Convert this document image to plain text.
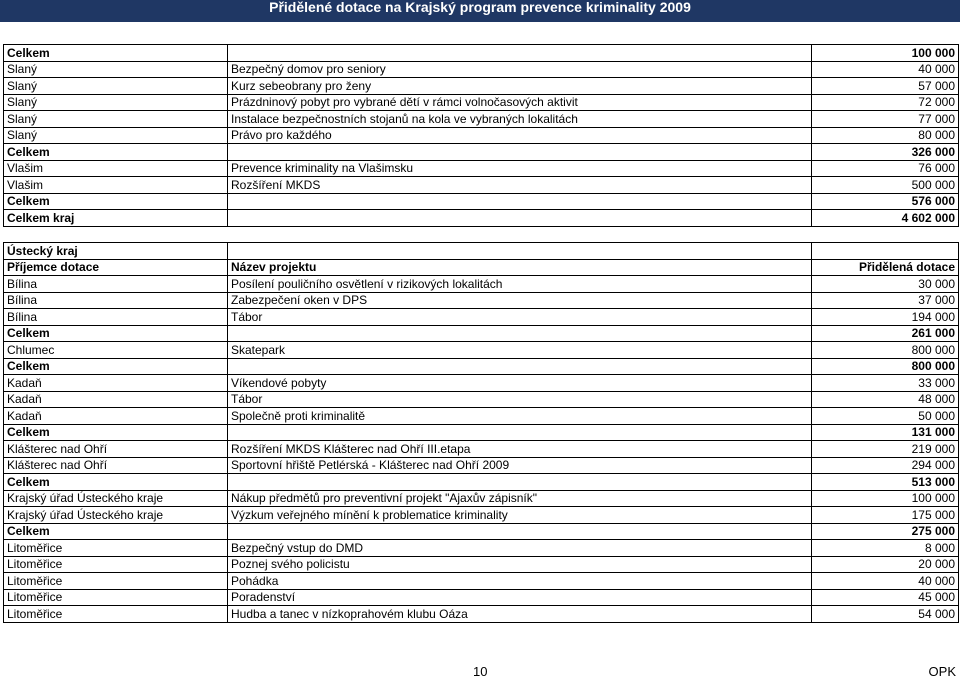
Přidělené dotace na Krajský program prevence kriminality 2009
Celkem		100 000
Slaný	Bezpečný domov pro seniory	40 000
Slaný	Kurz sebeobrany pro ženy	57 000
Slaný	Prázdninový pobyt pro vybrané dětí v rámci volnočasových aktivit	72 000
Slaný	Instalace bezpečnostních stojanů na kola ve vybraných lokalitách	77 000
Slaný	Právo pro každého	80 000
Celkem		326 000
Vlašim	Prevence kriminality na Vlašimsku	76 000
Vlašim	Rozšíření MKDS	500 000
Celkem		576 000
Celkem kraj		4 602 000
Ústecký kraj		
Příjemce dotace	Název projektu	Přidělená dotace
Bílina	Posílení pouličního osvětlení v rizikových lokalitách	30 000
Bílina	Zabezpečení oken v DPS	37 000
Bílina	Tábor	194 000
Celkem		261 000
Chlumec	Skatepark	800 000
Celkem		800 000
Kadaň	Víkendové pobyty	33 000
Kadaň	Tábor	48 000
Kadaň	Společně proti kriminalitě	50 000
Celkem		131 000
Klášterec nad Ohří	Rozšíření MKDS Klášterec nad Ohří III.etapa	219 000
Klášterec nad Ohří	Sportovní hřiště Petlérská - Klášterec nad Ohří 2009	294 000
Celkem		513 000
Krajský úřad Ústeckého kraje	Nákup předmětů pro preventivní projekt "Ajaxův zápisník"	100 000
Krajský úřad Ústeckého kraje	Výzkum veřejného mínění k problematice kriminality	175 000
Celkem		275 000
Litoměřice	Bezpečný vstup do DMD	8 000
Litoměřice	Poznej svého policistu	20 000
Litoměřice	Pohádka	40 000
Litoměřice	Poradenství	45 000
Litoměřice	Hudba a tanec v nízkoprahovém klubu Oáza	54 000
10	OPK
